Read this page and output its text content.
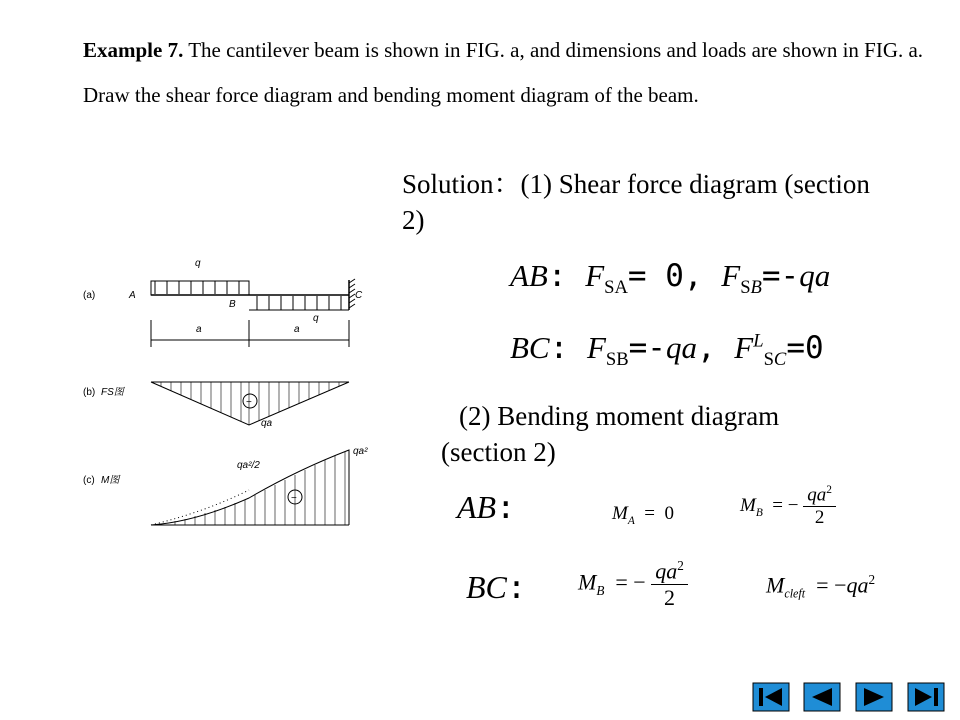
Example 7. The cantilever beam is shown in FIG. a, and dimensions and loads are shown in FIG. a. Draw the shear force diagram and bending moment diagram of the beam.
Solution：(1) Shear force diagram (section 2)
AB: $F_{SA}= 0$, $F_{SB}=-qa$
BC: $F_{SB}=-qa$, $F^L_{SC}=0$
(2) Bending moment diagram (section 2)
AB:	$M_A = 0$	$M_B$  = − $\frac{qa^2}{2}$
BC: $M_B$  = − $\frac{qa^2}{2}$	$M_{cleft} = -qa^2$
(a)
(b)
(c)
q
q
A
B
C
a	a
FS图
M图
qa
qa²/2
qa²
−
−
